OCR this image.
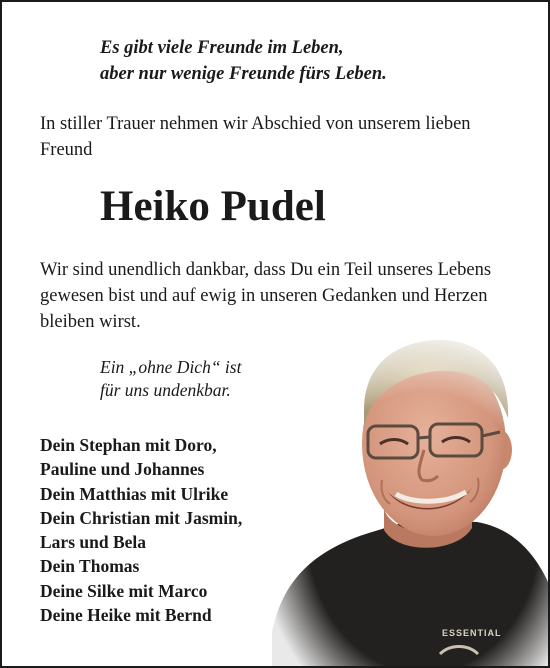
Es gibt viele Freunde im Leben,
aber nur wenige Freunde fürs Leben.
In stiller Trauer nehmen wir Abschied von unserem lieben Freund
Heiko Pudel
Wir sind unendlich dankbar, dass Du ein Teil unseres Lebens gewesen bist und auf ewig in unseren Gedanken und Herzen bleiben wirst.
Ein „ohne Dich“ ist
für uns undenkbar.
Dein Stephan mit Doro,
Pauline und Johannes
Dein Matthias mit Ulrike
Dein Christian mit Jasmin,
Lars und Bela
Dein Thomas
Deine Silke mit Marco
Deine Heike mit Bernd
